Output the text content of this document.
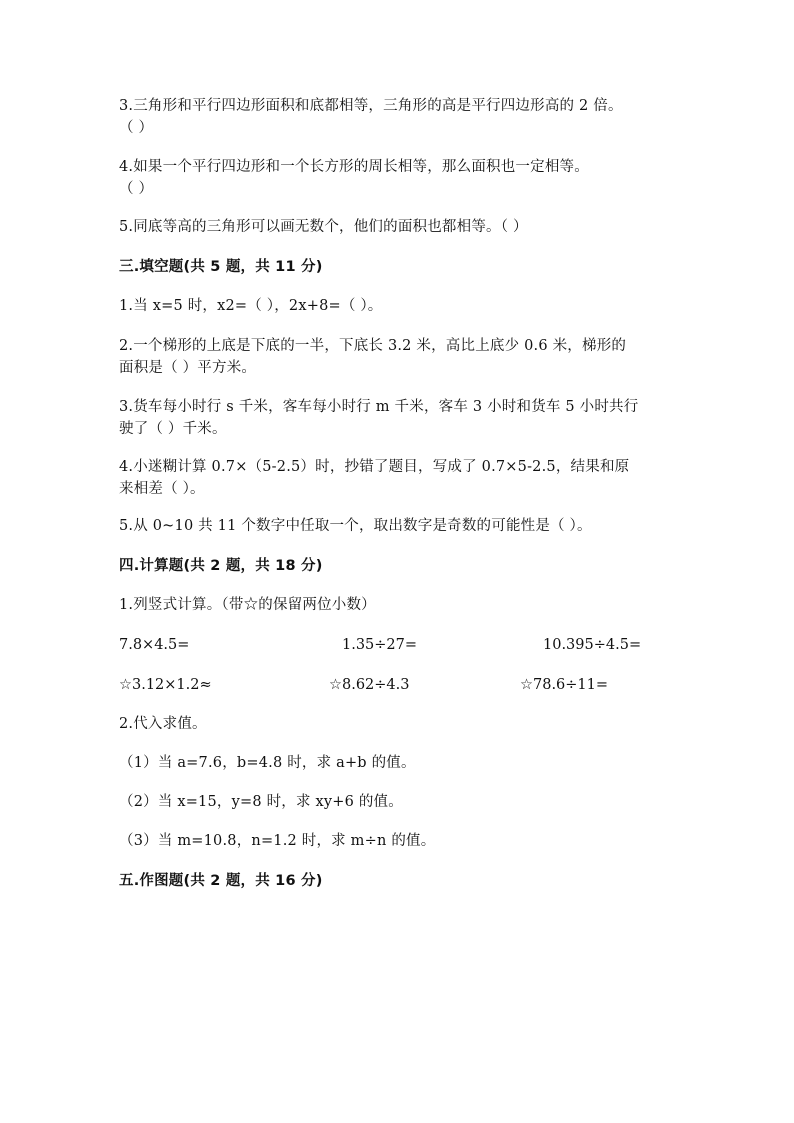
3.三角形和平行四边形面积和底都相等，三角形的高是平行四边形高的 2 倍。
（ ）
4.如果一个平行四边形和一个长方形的周长相等，那么面积也一定相等。
（ ）
5.同底等高的三角形可以画无数个，他们的面积也都相等。（ ）
三.填空题(共 5 题，共 11 分)
1.当 x=5 时，x2=（ ），2x+8=（ ）。
2.一个梯形的上底是下底的一半，下底长 3.2 米，高比上底少 0.6 米，梯形的
面积是（ ）平方米。
3.货车每小时行 s 千米，客车每小时行 m 千米，客车 3 小时和货车 5 小时共行
驶了（ ）千米。
4.小迷糊计算 0.7×（5-2.5）时，抄错了题目，写成了 0.7×5-2.5，结果和原
来相差（ ）。
5.从 0~10 共 11 个数字中任取一个，取出数字是奇数的可能性是（ ）。
四.计算题(共 2 题，共 18 分)
1.列竖式计算。（带☆的保留两位小数）
7.8×4.5=	1.35÷27=	10.395÷4.5=
☆3.12×1.2≈	☆8.62÷4.3	☆78.6÷11=
2.代入求值。
（1）当 a=7.6，b=4.8 时，求 a+b 的值。
（2）当 x=15，y=8 时，求 xy+6 的值。
（3）当 m=10.8，n=1.2 时，求 m÷n 的值。
五.作图题(共 2 题，共 16 分)
